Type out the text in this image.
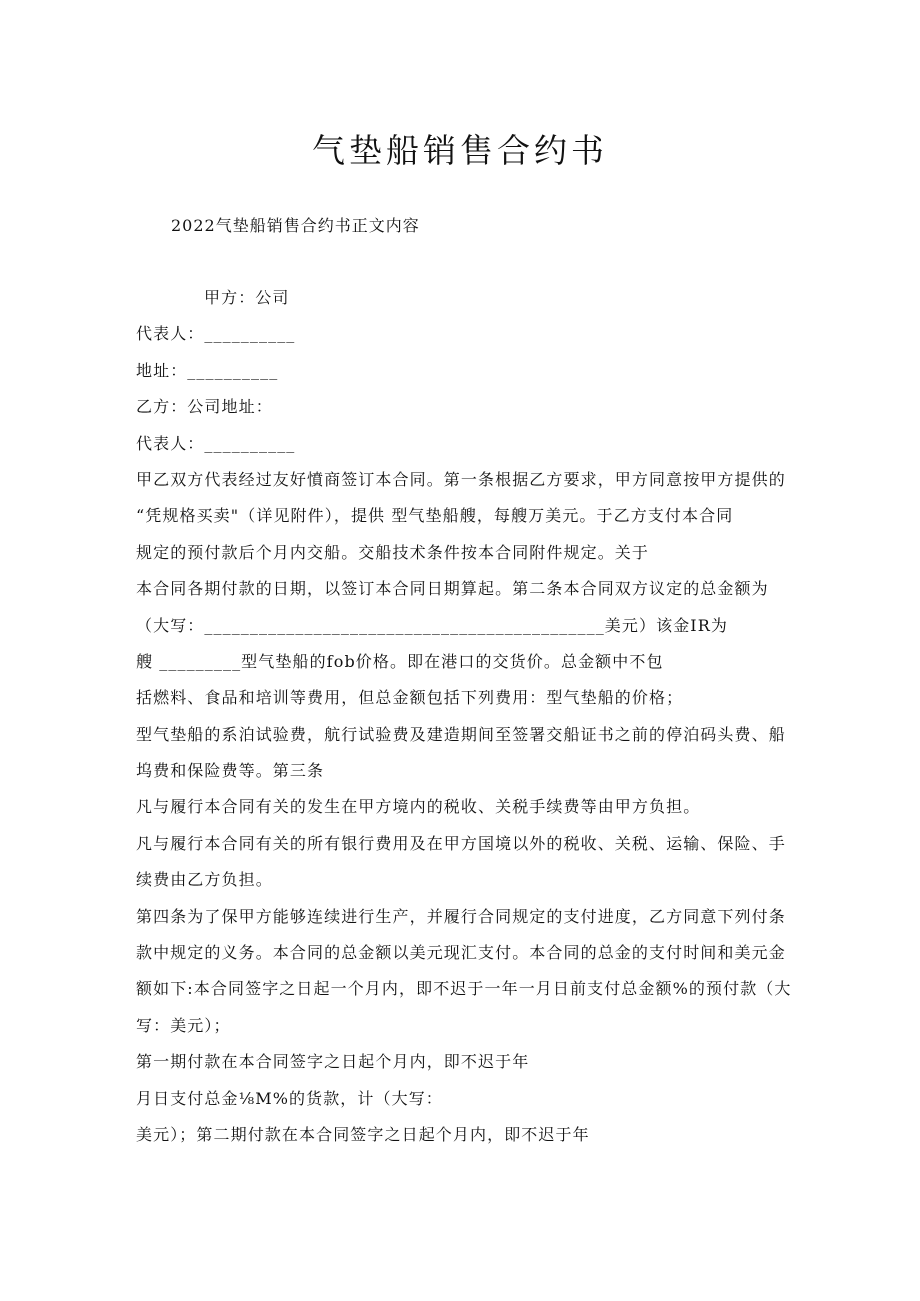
气垫船销售合约书

2022气垫船销售合约书正文内容

甲方：公司
代表人：__________
地址：__________
乙方：公司地址：
代表人：__________
甲乙双方代表经过友好憤商签订本合同。第一条根据乙方要求，甲方同意按甲方提供的
“凭规格买卖"（详见附件），提供 型气垫船艘，每艘万美元。于乙方支付本合同
规定的预付款后个月内交船。交船技术条件按本合同附件规定。关于
本合同各期付款的日期，以签订本合同日期算起。第二条本合同双方议定的总金额为
（大写：____________________________________________美元）该金IR为
艘 _________型气垫船的fob价格。即在港口的交货价。总金额中不包
括燃料、食品和培训等费用，但总金额包括下列费用：型气垫船的价格；
型气垫船的系泊试验费，航行试验费及建造期间至签署交船证书之前的停泊码头费、船
坞费和保险费等。第三条
凡与履行本合同有关的发生在甲方境内的税收、关税手续费等由甲方负担。
凡与履行本合同有关的所有银行费用及在甲方国境以外的税收、关税、运输、保险、手
续费由乙方负担。
第四条为了保甲方能够连续进行生产，并履行合同规定的支付进度，乙方同意下列付条
款中规定的义务。本合同的总金额以美元现汇支付。本合同的总金的支付时间和美元金
额如下:本合同签字之日起一个月内，即不迟于一年一月日前支付总金额%的预付款（大
写：美元）；
第一期付款在本合同签字之日起个月内，即不迟于年
月日支付总金⅛M%的货款，计（大写：
美元）；第二期付款在本合同签字之日起个月内，即不迟于年
